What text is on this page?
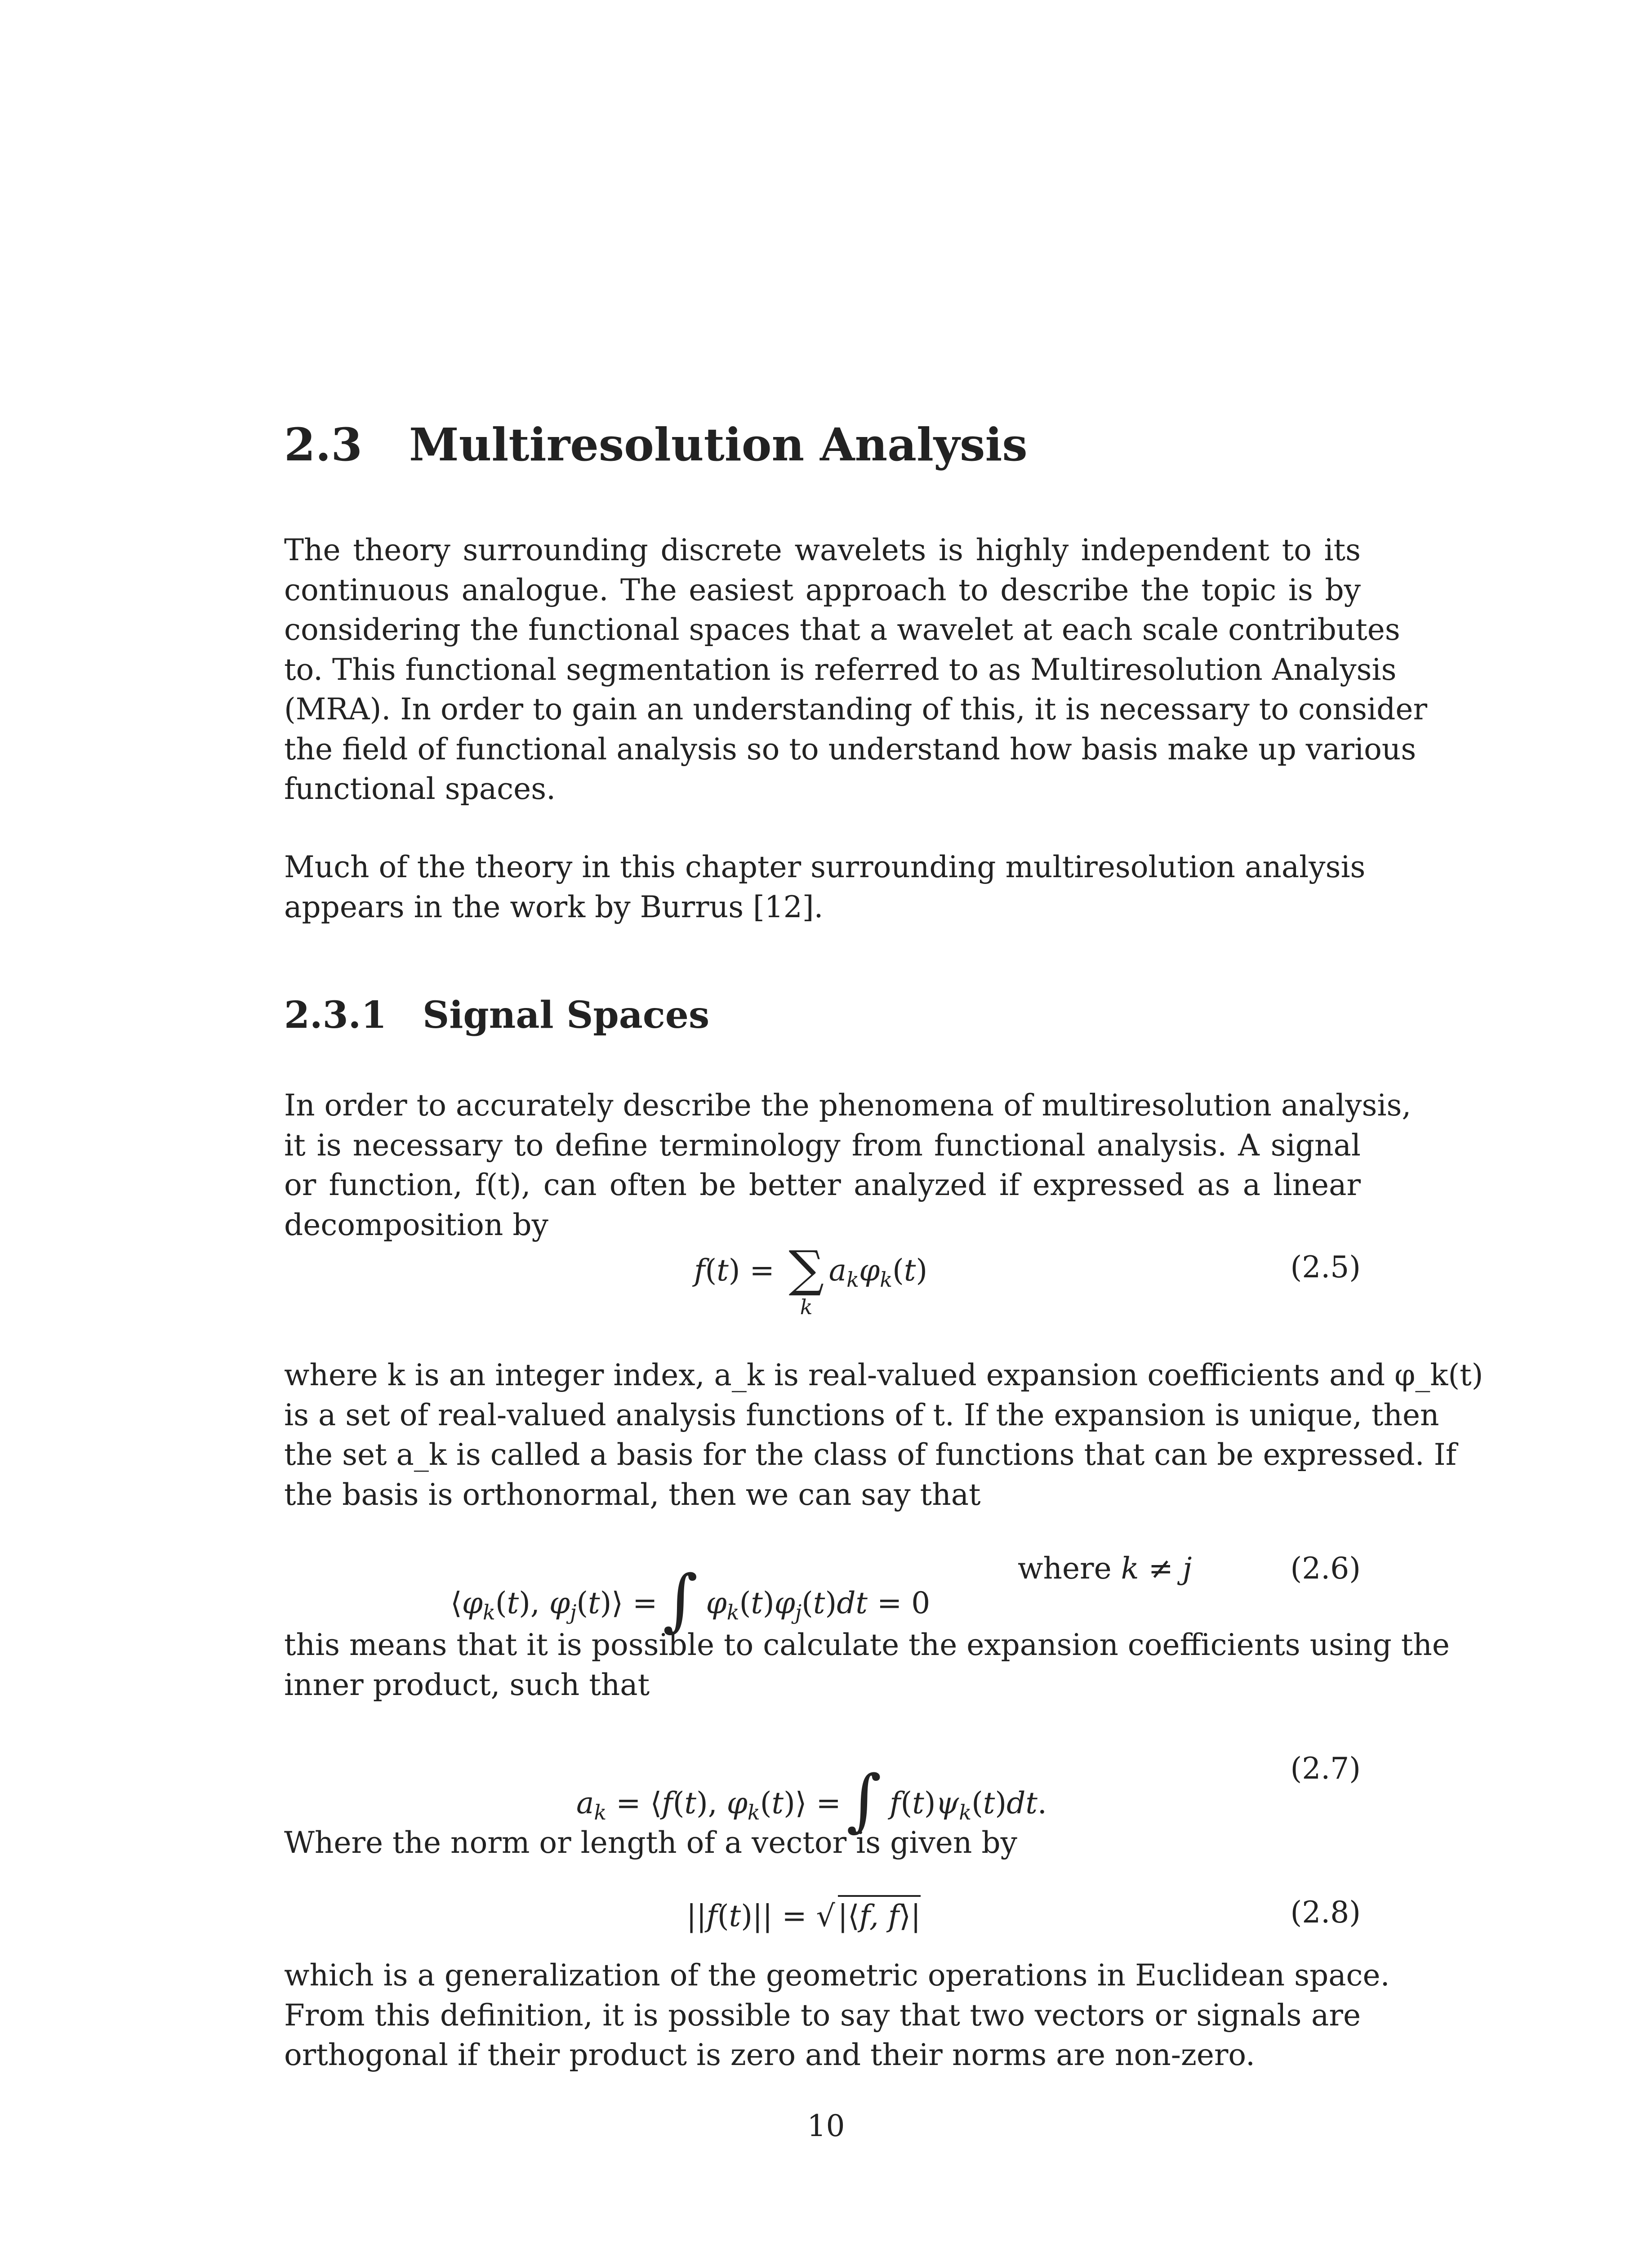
2.3 Multiresolution Analysis
The theory surrounding discrete wavelets is highly independent to its
continuous analogue. The easiest approach to describe the topic is by
considering the functional spaces that a wavelet at each scale contributes
to. This functional segmentation is referred to as Multiresolution Analysis
(MRA). In order to gain an understanding of this, it is necessary to consider
the field of functional analysis so to understand how basis make up various
functional spaces.
Much of the theory in this chapter surrounding multiresolution analysis
appears in the work by Burrus [12].
2.3.1 Signal Spaces
In order to accurately describe the phenomena of multiresolution analysis,
it is necessary to define terminology from functional analysis. A signal
or function, f(t), can often be better analyzed if expressed as a linear
decomposition by
f(t) = ∑
k
$a_k\varphi_k(t)$	(2.5)
where k is an integer index, a_k is real-valued expansion coefficients and φ_k(t)
is a set of real-valued analysis functions of t. If the expansion is unique, then
the set a_k is called a basis for the class of functions that can be expressed. If
the basis is orthonormal, then we can say that
$⟨\varphi_k(t)$, $\varphi_j(t)⟩$ =∫ $\varphi_k(t)\varphi_j(t)dt = 0$
where k ≠ j	(2.6)
this means that it is possible to calculate the expansion coefficients using the
inner product, such that
$a_k$ = ⟨f(t), $\varphi_k(t)⟩$ =∫ $f(t)\psi_k(t)dt$.
(2.7)
Where the norm or length of a vector is given by
||f(t)|| = √|⟨f, f⟩|	(2.8)
which is a generalization of the geometric operations in Euclidean space.
From this definition, it is possible to say that two vectors or signals are
orthogonal if their product is zero and their norms are non-zero.
10
